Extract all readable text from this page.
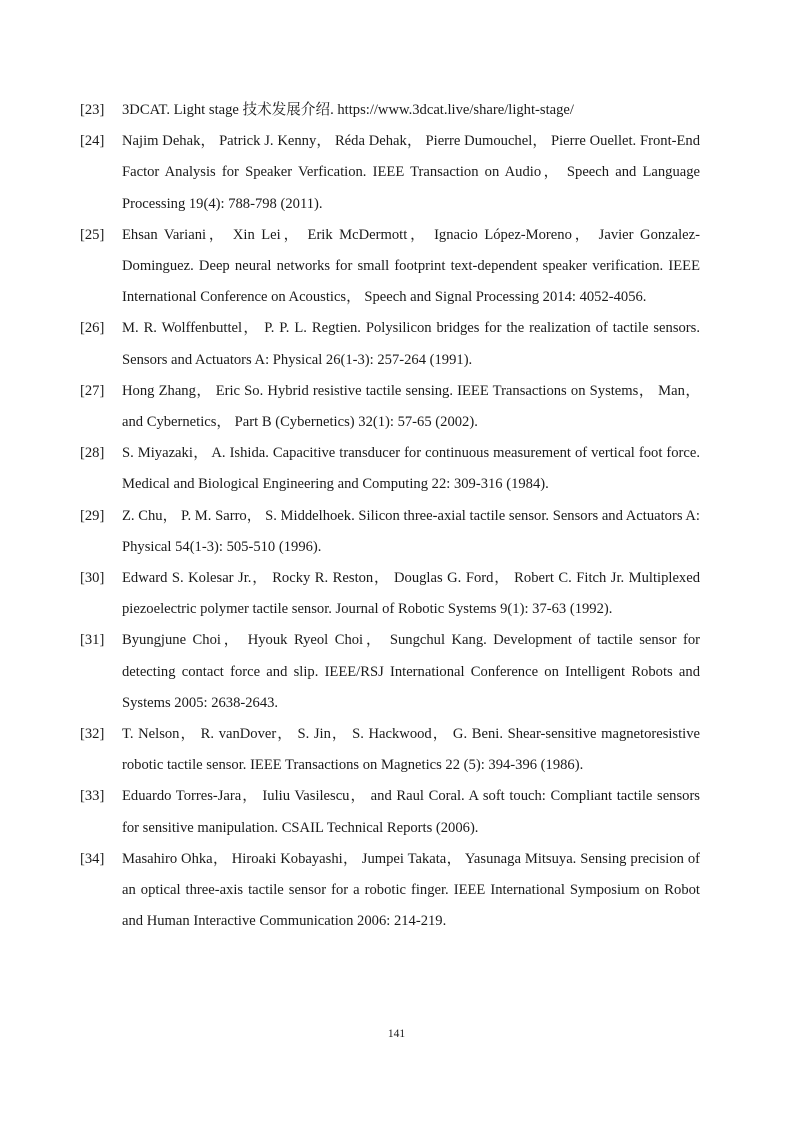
[23] 3DCAT. Light stage 技术发展介绍. https://www.3dcat.live/share/light-stage/
[24] Najim Dehak， Patrick J. Kenny， Réda Dehak， Pierre Dumouchel， Pierre Ouellet. Front-End Factor Analysis for Speaker Verfication. IEEE Transaction on Audio， Speech and Language Processing 19(4): 788-798 (2011).
[25] Ehsan Variani， Xin Lei， Erik McDermott， Ignacio López-Moreno， Javier Gonzalez-Dominguez. Deep neural networks for small footprint text-dependent speaker verification. IEEE International Conference on Acoustics， Speech and Signal Processing 2014: 4052-4056.
[26] M. R. Wolffenbuttel， P. P. L. Regtien. Polysilicon bridges for the realization of tactile sensors. Sensors and Actuators A: Physical 26(1-3): 257-264 (1991).
[27] Hong Zhang， Eric So. Hybrid resistive tactile sensing. IEEE Transactions on Systems， Man， and Cybernetics， Part B (Cybernetics) 32(1): 57-65 (2002).
[28] S. Miyazaki， A. Ishida. Capacitive transducer for continuous measurement of vertical foot force. Medical and Biological Engineering and Computing 22: 309-316 (1984).
[29] Z. Chu， P. M. Sarro， S. Middelhoek. Silicon three-axial tactile sensor. Sensors and Actuators A: Physical 54(1-3): 505-510 (1996).
[30] Edward S. Kolesar Jr.， Rocky R. Reston， Douglas G. Ford， Robert C. Fitch Jr. Multiplexed piezoelectric polymer tactile sensor. Journal of Robotic Systems 9(1): 37-63 (1992).
[31] Byungjune Choi， Hyouk Ryeol Choi， Sungchul Kang. Development of tactile sensor for detecting contact force and slip. IEEE/RSJ International Conference on Intelligent Robots and Systems 2005: 2638-2643.
[32] T. Nelson， R. vanDover， S. Jin， S. Hackwood， G. Beni. Shear-sensitive magnetoresistive robotic tactile sensor. IEEE Transactions on Magnetics 22 (5): 394-396 (1986).
[33] Eduardo Torres-Jara， Iuliu Vasilescu， and Raul Coral. A soft touch: Compliant tactile sensors for sensitive manipulation. CSAIL Technical Reports (2006).
[34] Masahiro Ohka， Hiroaki Kobayashi， Jumpei Takata， Yasunaga Mitsuya. Sensing precision of an optical three-axis tactile sensor for a robotic finger. IEEE International Symposium on Robot and Human Interactive Communication 2006: 214-219.
141
